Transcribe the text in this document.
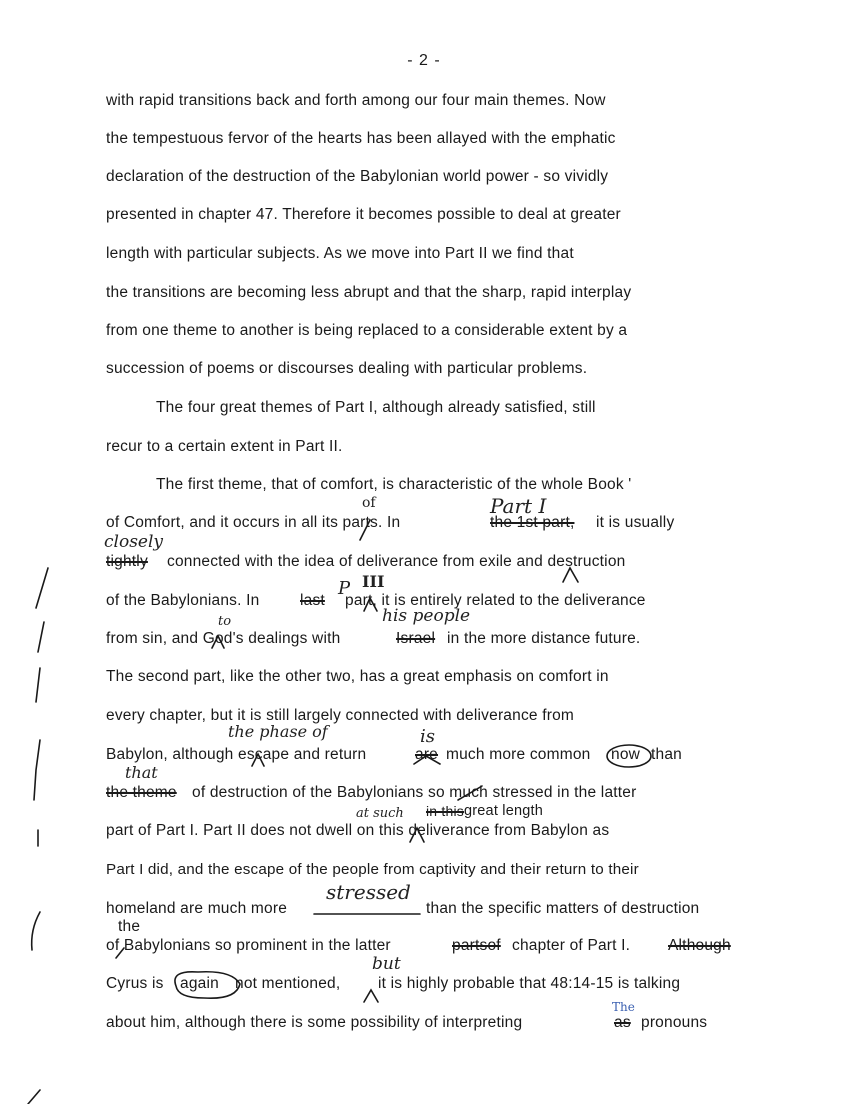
- 2 -
with rapid transitions back and forth among our four main themes. Now
the tempestuous fervor of the hearts has been allayed with the emphatic
declaration of the destruction of the Babylonian world power - so vividly
presented in chapter 47. Therefore it becomes possible to deal at greater
length with particular subjects. As we move into Part II we find that
the transitions are becoming less abrupt and that the sharp, rapid interplay
from one theme to another is being replaced to a considerable extent by a
succession of poems or discourses dealing with particular problems.
The four great themes of Part I, although already satisfied, still
recur to a certain extent in Part II.
The first theme, that of comfort, is characteristic of the whole Book '
of
of Comfort, and it occurs in all its parts. In	the 1st part, it is usually
Part I
closely
tightly connected with the idea of deliverance from exile and destruction
of the Babylonians. In	last part, it is entirely related to the deliverance
P III
to
from sin, and God's dealings with	Israel in the more distance future.
his people
The second part, like the other two, has a great emphasis on comfort in
every chapter, but it is still largely connected with deliverance from
the phase of
Babylon, although escape and return	are
is
much more common now than
that
the theme of destruction of the Babylonians so much stressed in the latter
at such in this great length
part of Part I. Part II does not dwell on this deliverance from Babylon as
Part I did, and the escape of the people from captivity and their return to their
homeland are much more
stressed
than the specific matters of destruction
the
of Babylonians so prominent in the latter	partsof chapter of Part I. Although
Cyrus is again not mentioned,
but
it is highly probable that 48:14-15 is talking
The
about him, although there is some possibility of interpreting	as pronouns
